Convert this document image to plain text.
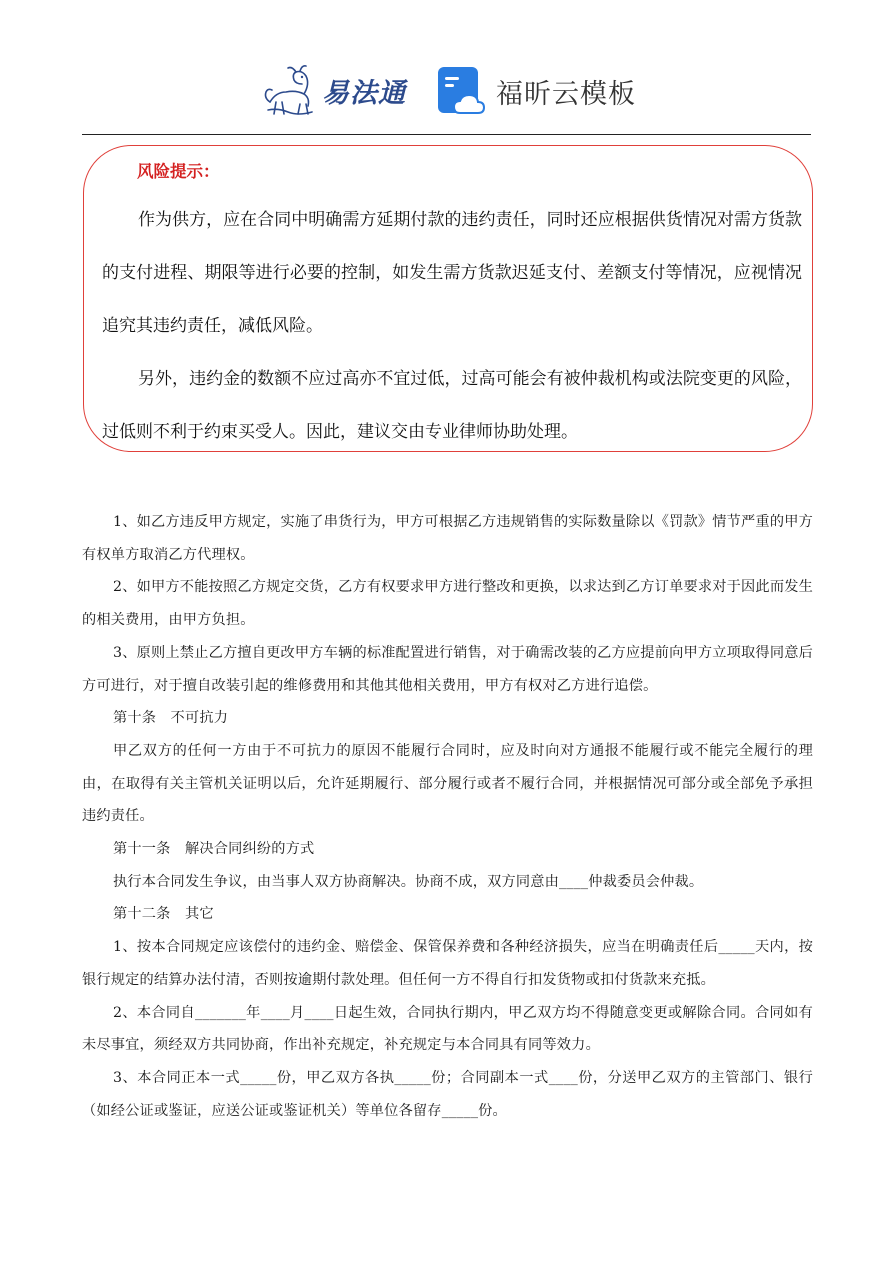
易法通	福昕云模板
风险提示：

作为供方，应在合同中明确需方延期付款的违约责任，同时还应根据供货情况对需方货款的支付进程、期限等进行必要的控制，如发生需方货款迟延支付、差额支付等情况，应视情况追究其违约责任，减低风险。

另外，违约金的数额不应过高亦不宜过低，过高可能会有被仲裁机构或法院变更的风险，过低则不利于约束买受人。因此，建议交由专业律师协助处理。

1、如乙方违反甲方规定，实施了串货行为，甲方可根据乙方违规销售的实际数量除以《罚款》情节严重的甲方有权单方取消乙方代理权。

2、如甲方不能按照乙方规定交货，乙方有权要求甲方进行整改和更换，以求达到乙方订单要求对于因此而发生的相关费用，由甲方负担。

3、原则上禁止乙方擅自更改甲方车辆的标准配置进行销售，对于确需改装的乙方应提前向甲方立项取得同意后方可进行，对于擅自改装引起的维修费用和其他其他相关费用，甲方有权对乙方进行追偿。

第十条　不可抗力

甲乙双方的任何一方由于不可抗力的原因不能履行合同时，应及时向对方通报不能履行或不能完全履行的理由，在取得有关主管机关证明以后，允许延期履行、部分履行或者不履行合同，并根据情况可部分或全部免予承担违约责任。

第十一条　解决合同纠纷的方式

执行本合同发生争议，由当事人双方协商解决。协商不成，双方同意由____仲裁委员会仲裁。

第十二条　其它

1、按本合同规定应该偿付的违约金、赔偿金、保管保养费和各种经济损失，应当在明确责任后_____天内，按银行规定的结算办法付清，否则按逾期付款处理。但任何一方不得自行扣发货物或扣付货款来充抵。

2、本合同自_______年____月____日起生效，合同执行期内，甲乙双方均不得随意变更或解除合同。合同如有未尽事宜，须经双方共同协商，作出补充规定，补充规定与本合同具有同等效力。

3、本合同正本一式_____份，甲乙双方各执_____份；合同副本一式____份，分送甲乙双方的主管部门、银行（如经公证或鉴证，应送公证或鉴证机关）等单位各留存_____份。
